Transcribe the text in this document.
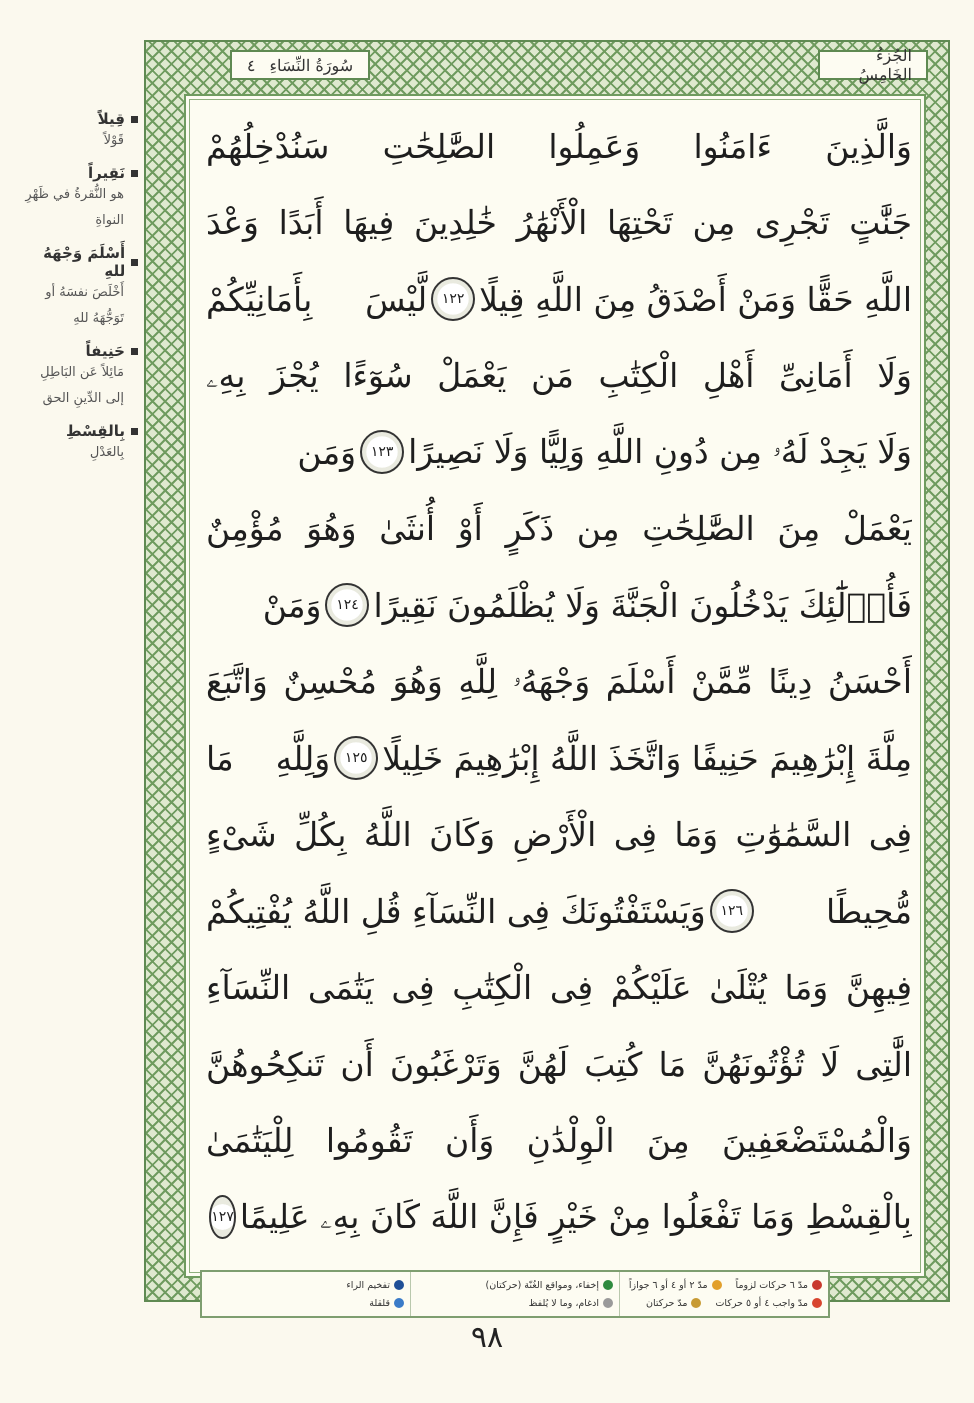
قِيلاً
قَوْلاً
نَقِيراً
هو النُّقرةُ في ظَهْرِ النواةِ
أَسْلَمَ وَجْهَهُ للهِ
أَخْلَصَ نفسَهُ أو تَوَجُّهَهُ للهِ
حَنِيفاً
مَائِلاً عَن البَاطِلِ إلى الدِّينِ الحق
بِالقِسْطِ
بِالعَدْلِ
سُورَةُ النِّسَاءِ
٤	الجُزءُ الخَامِسُ
وَالَّذِينَ ءَامَنُوا وَعَمِلُوا الصَّٰلِحَٰتِ سَنُدْخِلُهُمْ
جَنَّٰتٍ تَجْرِى مِن تَحْتِهَا الْأَنْهَٰرُ خَٰلِدِينَ فِيهَا أَبَدًا وَعْدَ
اللَّهِ حَقًّا وَمَنْ أَصْدَقُ مِنَ اللَّهِ قِيلًا
١٢٢
لَّيْسَ بِأَمَانِيِّكُمْ
وَلَا أَمَانِىِّ أَهْلِ الْكِتَٰبِ مَن يَعْمَلْ سُوٓءًا يُجْزَ بِهِۦ
وَلَا يَجِدْ لَهُۥ مِن دُونِ اللَّهِ وَلِيًّا وَلَا نَصِيرًا
١٢٣
وَمَن
يَعْمَلْ مِنَ الصَّٰلِحَٰتِ مِن ذَكَرٍ أَوْ أُنثَىٰ وَهُوَ مُؤْمِنٌ
فَأُو۟لَٰٓئِكَ يَدْخُلُونَ الْجَنَّةَ وَلَا يُظْلَمُونَ نَقِيرًا
١٢٤
وَمَنْ
أَحْسَنُ دِينًا مِّمَّنْ أَسْلَمَ وَجْهَهُۥ لِلَّهِ وَهُوَ مُحْسِنٌ وَاتَّبَعَ
مِلَّةَ إِبْرَٰهِيمَ حَنِيفًا وَاتَّخَذَ اللَّهُ إِبْرَٰهِيمَ خَلِيلًا
١٢٥
وَلِلَّهِ مَا
فِى السَّمَٰوَٰتِ وَمَا فِى الْأَرْضِ وَكَانَ اللَّهُ بِكُلِّ شَىْءٍ
مُّحِيطًا
١٢٦
وَيَسْتَفْتُونَكَ فِى النِّسَآءِ قُلِ اللَّهُ يُفْتِيكُمْ
فِيهِنَّ وَمَا يُتْلَىٰ عَلَيْكُمْ فِى الْكِتَٰبِ فِى يَتَٰمَى النِّسَآءِ
الَّٰتِى لَا تُؤْتُونَهُنَّ مَا كُتِبَ لَهُنَّ وَتَرْغَبُونَ أَن تَنكِحُوهُنَّ
وَالْمُسْتَضْعَفِينَ مِنَ الْوِلْدَٰنِ وَأَن تَقُومُوا لِلْيَتَٰمَىٰ
بِالْقِسْطِ وَمَا تَفْعَلُوا مِنْ خَيْرٍ فَإِنَّ اللَّهَ كَانَ بِهِۦ عَلِيمًا
١٢٧
مدّ ٦ حركات لزوماً
مدّ ٢ أو ٤ أو ٦ جوازاً
مدّ واجب ٤ أو ٥ حركات
مدّ حركتان
إخفاء، ومواقع الغُنّة (حركتان)
ادغام، وما لا يُلفظ
تفخيم الراء
قلقلة
٩٨
